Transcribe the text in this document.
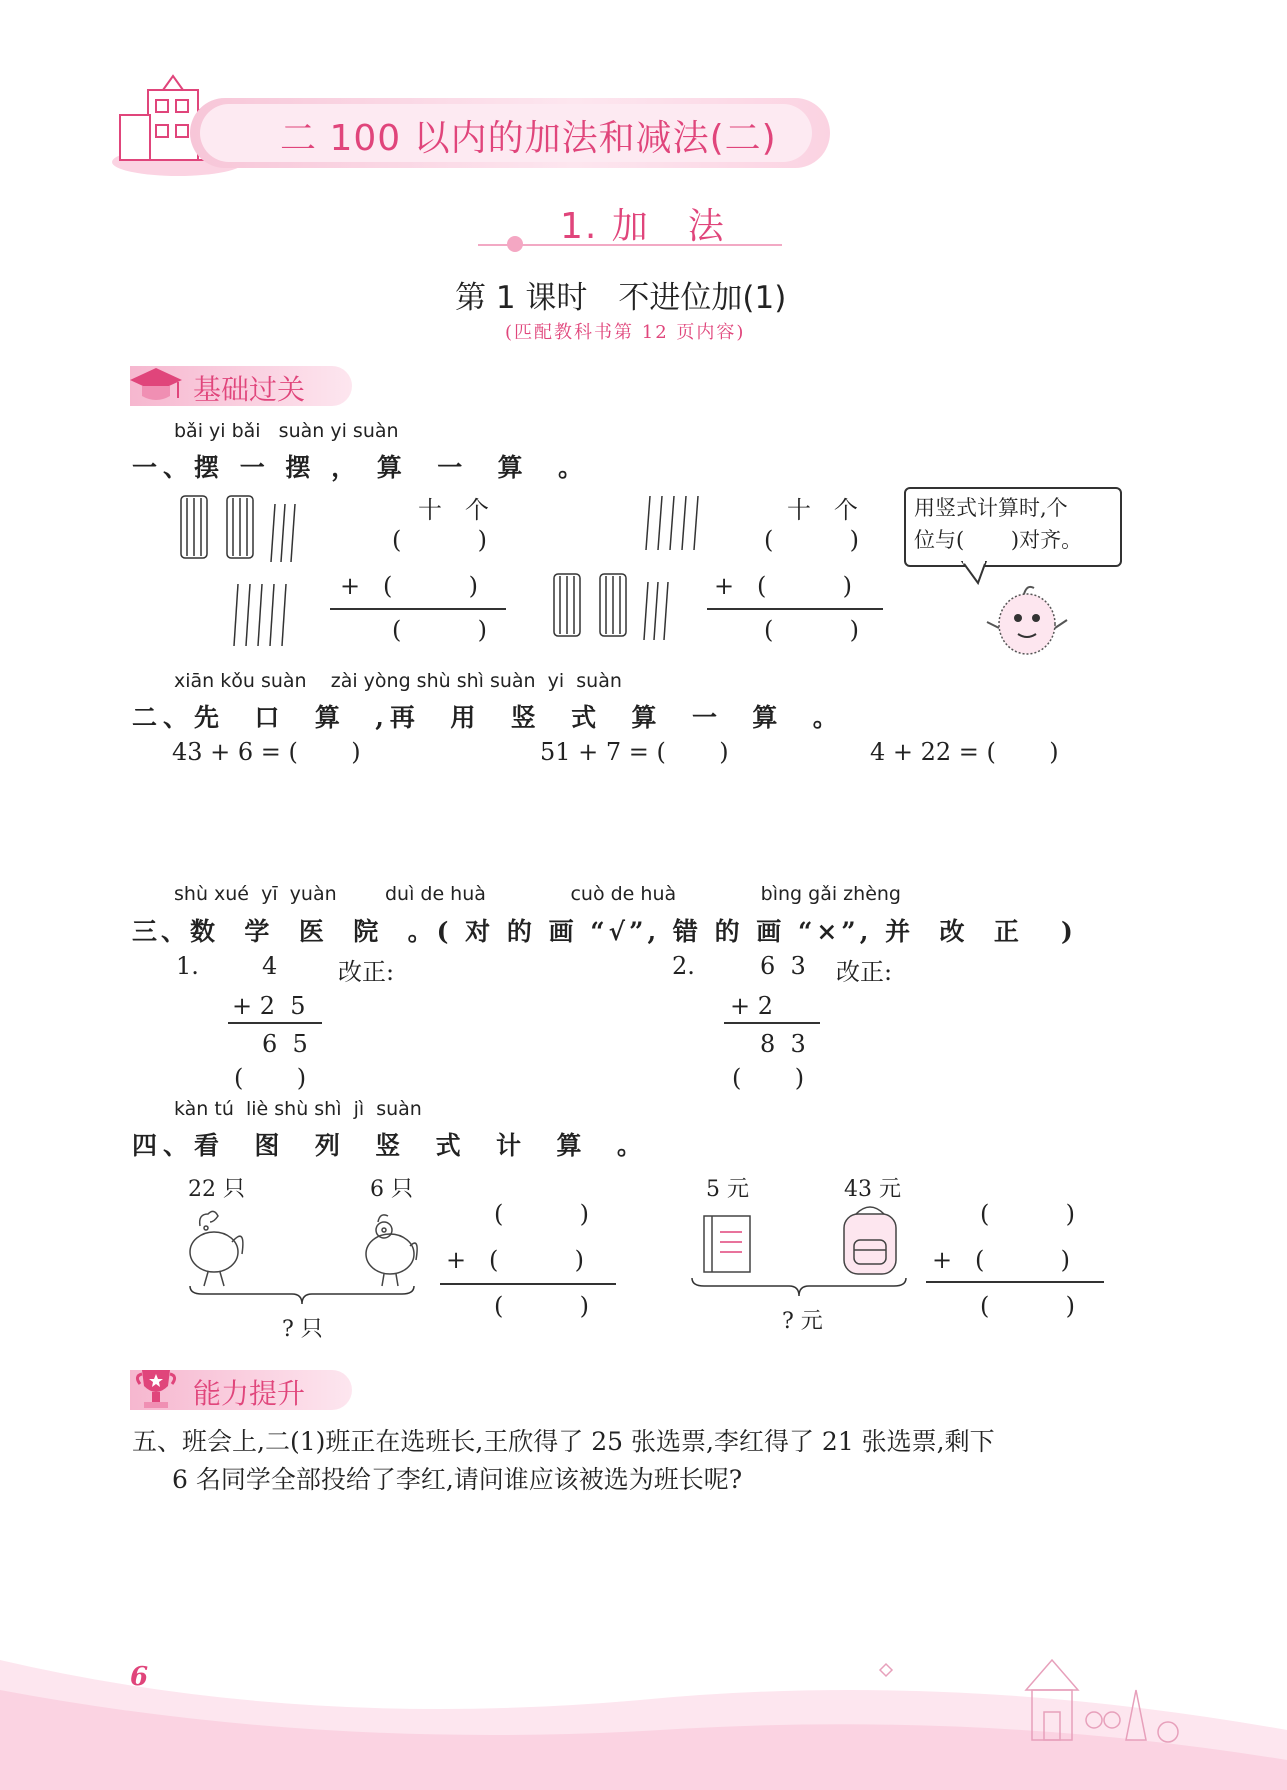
二 100 以内的加法和减法(二)
1. 加　法
第 1 课时　不进位加(1)
(匹配教科书第 12 页内容)
基础过关
bǎi yi bǎi   suàn yi suàn
一、摆 一 摆 ， 算  一  算  。
十   个
(          )
+   (          )
(          )
十   个
(          )
+   (          )
(          )
用竖式计算时,个
位与(       )对齐。
xiān kǒu suàn    zài yòng shù shì suàn  yi  suàn
二、先  口  算  ,再  用  竖  式  算  一  算  。
43 + 6 = (       )	51 + 7 = (       )	4 + 22 = (       )
shù xué  yī  yuàn        duì de huà              cuò de huà              bìng gǎi zhèng
三、数  学  医  院  。( 对 的 画 “√”, 错 的 画 “×”, 并  改  正   )
1.	4	改正:
+ 2  5
6  5
(       )
2.	6  3 改正:
+ 2
8  3
(       )
kàn tú  liè shù shì  jì  suàn
四、看  图  列  竖  式  计  算  。
22 只	6 只
? 只
(          )
+   (          )
(          )
5 元	43 元
? 元
(          )
+   (          )
(          )
能力提升
五、班会上,二(1)班正在选班长,王欣得了 25 张选票,李红得了 21 张选票,剩下
6 名同学全部投给了李红,请问谁应该被选为班长呢?
6
